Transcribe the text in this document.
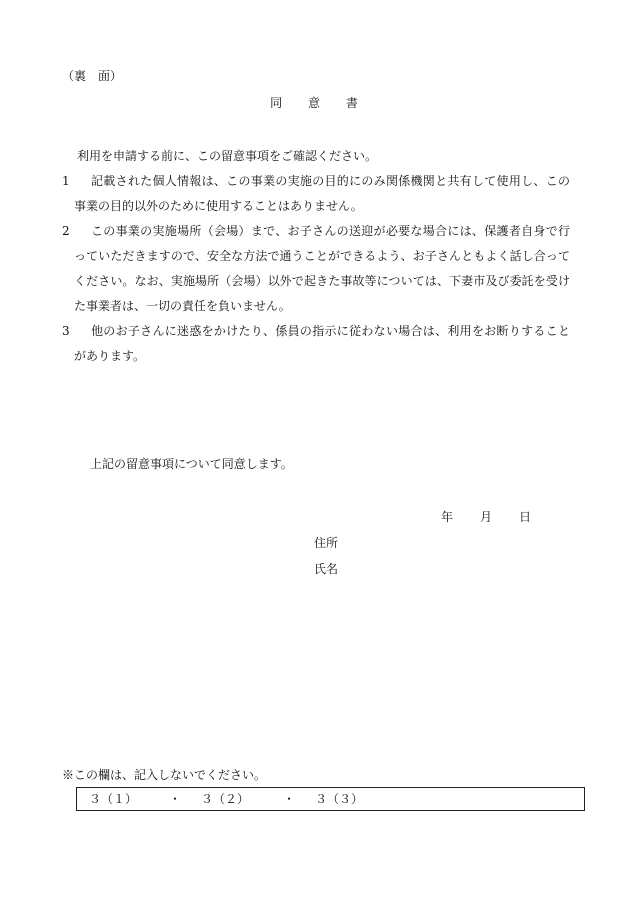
（裏　面）
同 意 書
利用を申請する前に、この留意事項をご確認ください。
1	記載された個人情報は、この事業の実施の目的にのみ関係機関と共有して使用し、この事業の目的以外のために使用することはありません。
2	この事業の実施場所（会場）まで、お子さんの送迎が必要な場合には、保護者自身で行っていただきますので、安全な方法で通うことができるよう、お子さんともよく話し合ってください。なお、実施場所（会場）以外で起きた事故等については、下妻市及び委託を受けた事業者は、一切の責任を負いません。
3	他のお子さんに迷惑をかけたり、係員の指示に従わない場合は、利用をお断りすることがあります。
上記の留意事項について同意します。
年 月 日
住所
氏名
※この欄は、記入しないでください。
３（１）	・ ３（２）	・ ３（３）
